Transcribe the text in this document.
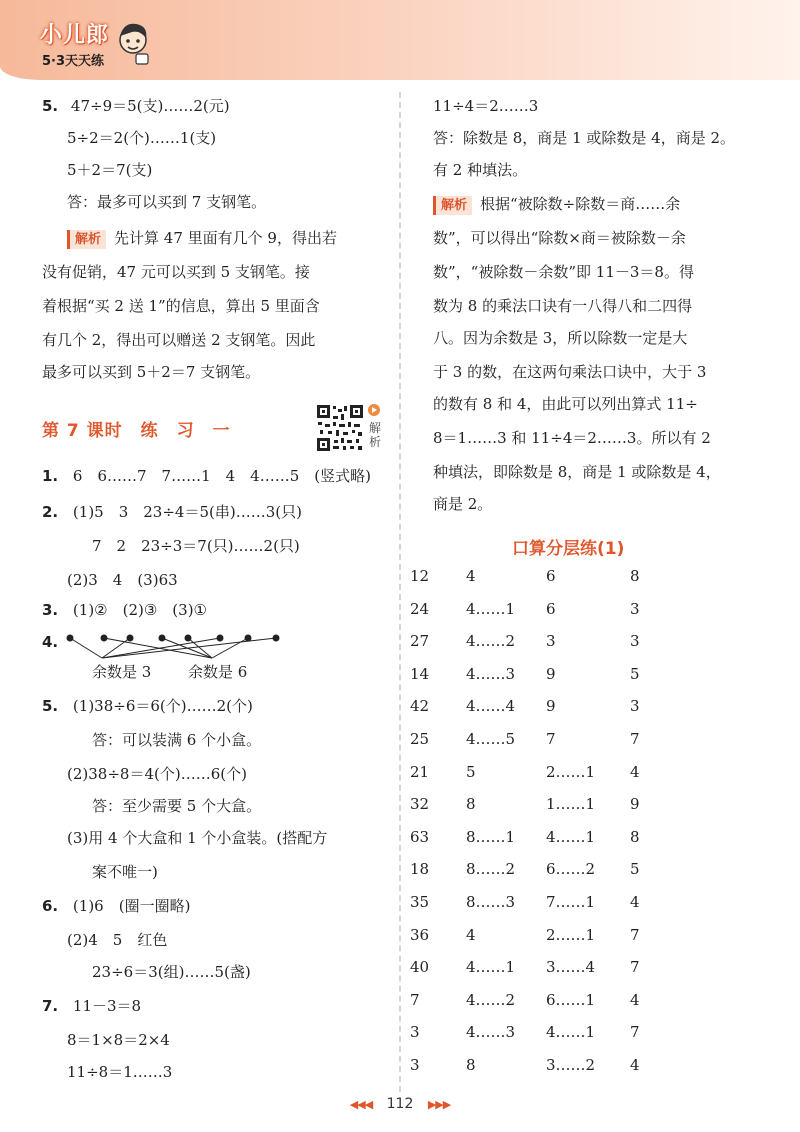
小儿郎
5·3天天练
5. 47÷9＝5(支)……2(元)
5÷2＝2(个)……1(支)
5＋2＝7(支)
答：最多可以买到 7 支钢笔。
解析 先计算 47 里面有几个 9，得出若
没有促销，47 元可以买到 5 支钢笔。接
着根据“买 2 送 1”的信息，算出 5 里面含
有几个 2，得出可以赠送 2 支钢笔。因此
最多可以买到 5＋2＝7 支钢笔。
第 7 课时　练　习　一	解析
1. 6　6……7　7……1　4　4……5　(竖式略)
2. (1)5　3　23÷4＝5(串)……3(只)
7　2　23÷3＝7(只)……2(只)
(2)3　4　(3)63
3. (1)②　(2)③　(3)①
4.
余数是 3 余数是 6
5. (1)38÷6＝6(个)……2(个)
答：可以装满 6 个小盒。
(2)38÷8＝4(个)……6(个)
答：至少需要 5 个大盒。
(3)用 4 个大盒和 1 个小盒装。(搭配方
案不唯一)
6. (1)6　(圈一圈略)
(2)4　5　红色
23÷6＝3(组)……5(盏)
7. 11－3＝8
8＝1×8＝2×4
11÷8＝1……3
11÷4＝2……3
答：除数是 8，商是 1 或除数是 4，商是 2。
有 2 种填法。
解析 根据“被除数÷除数＝商……余
数”，可以得出“除数×商＝被除数－余
数”，“被除数－余数”即 11－3＝8。得
数为 8 的乘法口诀有一八得八和二四得
八。因为余数是 3，所以除数一定是大
于 3 的数，在这两句乘法口诀中，大于 3
的数有 8 和 4，由此可以列出算式 11÷
8＝1……3 和 11÷4＝2……3。所以有 2
种填法，即除数是 8，商是 1 或除数是 4，
商是 2。
口算分层练(1)
12 4	6	8
24 4……1 6	3
27 4……2 3	3
14 4……3 9	5
42 4……4 9	3
25 4……5 7	7
21 5	2……1 4
32 8	1……1 9
63 8……1 4……1 8
18 8……2 6……2 5
35 8……3 7……1 4
36 4	2……1 7
40 4……1 3……4 7
7	4……2 6……1 4
3	4……3 4……1 7
3	8	3……2 4
◀◀◀ 112 ▶▶▶
